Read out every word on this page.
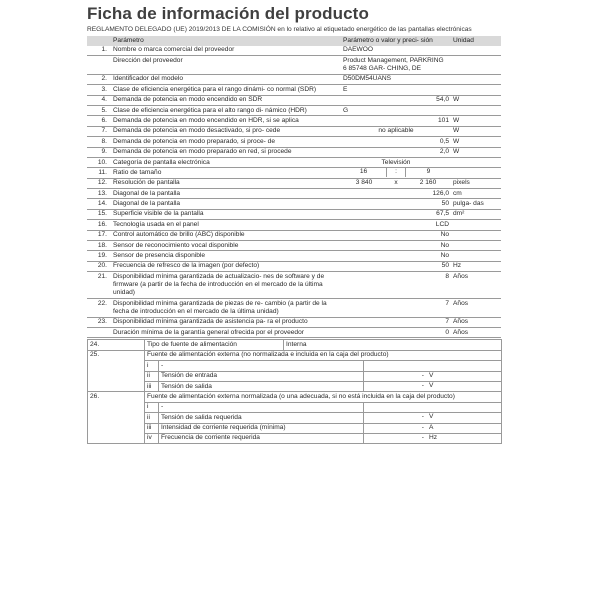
Ficha de información del producto
REGLAMENTO DELEGADO (UE) 2019/2013 DE LA COMISIÓN en lo relativo al etiquetado energético de las pantallas electrónicas
	Parámetro	Parámetro o valor y preci- sión	Unidad
1.	Nombre o marca comercial del proveedor	DAEWOO	
	Dirección del proveedor	Product Management, PARKRING 6 85748 GAR- CHING, DE	
2.	Identificador del modelo	D50DM54UANS	
3.	Clase de eficiencia energética para el rango dinámi- co normal (SDR)	E	
4.	Demanda de potencia en modo encendido en SDR	54,0	W
5.	Clase de eficiencia energética para el alto rango di- námico (HDR)	G	
6.	Demanda de potencia en modo encendido en HDR, si se aplica	101	W
7.	Demanda de potencia en modo desactivado, si pro- cede	no aplicable	W
8.	Demanda de potencia en modo preparado, si proce- de	0,5	W
9.	Demanda de potencia en modo preparado en red, si procede	2,0	W
10.	Categoría de pantalla electrónica	Televisión	
11.	Ratio de tamaño	16 : 9	

12.	Resolución de pantalla	3 840 x 2 160	pixels
13.	Diagonal de la pantalla	126,0	cm
14.	Diagonal de la pantalla	50	pulga- das
15.	Superficie visible de la pantalla	67,5	dm²
16.	Tecnología usada en el panel	LCD	
17.	Control automático de brillo (ABC) disponible	No	
18.	Sensor de reconocimiento vocal disponible	No	
19.	Sensor de presencia disponible	No	
20.	Frecuencia de refresco de la imagen (por defecto)	50	Hz
21.	Disponibilidad mínima garantizada de actualizacio- nes de software y de firmware (a partir de la fecha de introducción en el mercado de la última unidad)	8	Años
22.	Disponibilidad mínima garantizada de piezas de re- cambio (a partir de la fecha de introducción en el mercado de la última unidad)	7	Años
23.	Disponibilidad mínima garantizada de asistencia pa- ra el producto	7	Años
	Duración mínima de la garantía general ofrecida por el proveedor	0	Años
24.	Tipo de fuente de alimentación		Interna	
25.	Fuente de alimentación externa (no normalizada e incluida en la caja del producto)			
	i	-		

	ii	Tensión de entrada		- V

	iii	Tensión de salida		- V

26.	Fuente de alimentación externa normalizada (o una adecuada, si no está incluida en la caja del producto)			
	i	-		

	ii	Tensión de salida requerida		- V

	iii	Intensidad de corriente requerida (mínima)		- A

	iv	Frecuencia de corriente requerida		- Hz
